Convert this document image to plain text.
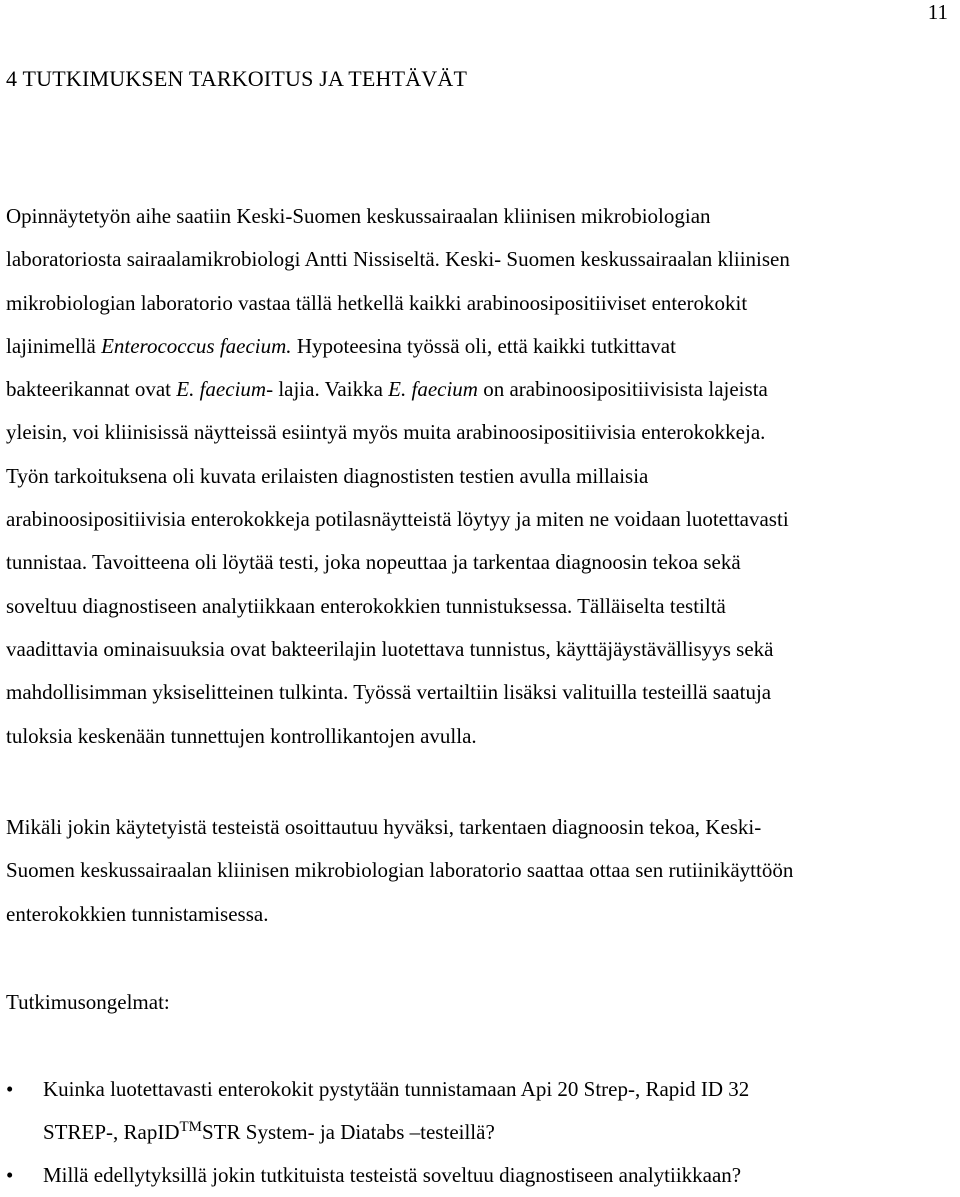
11
4 TUTKIMUKSEN TARKOITUS JA TEHTÄVÄT

Opinnäytetyön aihe saatiin Keski-Suomen keskussairaalan kliinisen mikrobiologian
laboratoriosta sairaalamikrobiologi Antti Nissiseltä. Keski- Suomen keskussairaalan kliinisen
mikrobiologian laboratorio vastaa tällä hetkellä kaikki arabinoosipositiiviset enterokokit
lajinimellä Enterococcus faecium. Hypoteesina työssä oli, että kaikki tutkittavat
bakteerikannat ovat E. faecium- lajia. Vaikka E. faecium on arabinoosipositiivisista lajeista
yleisin, voi kliinisissä näytteissä esiintyä myös muita arabinoosipositiivisia enterokokkeja.
Työn tarkoituksena oli kuvata erilaisten diagnostisten testien avulla millaisia
arabinoosipositiivisia enterokokkeja potilasnäytteistä löytyy ja miten ne voidaan luotettavasti
tunnistaa. Tavoitteena oli löytää testi, joka nopeuttaa ja tarkentaa diagnoosin tekoa sekä
soveltuu diagnostiseen analytiikkaan enterokokkien tunnistuksessa. Tälläiselta testiltä
vaadittavia ominaisuuksia ovat bakteerilajin luotettava tunnistus, käyttäjäystävällisyys sekä
mahdollisimman yksiselitteinen tulkinta. Työssä vertailtiin lisäksi valituilla testeillä saatuja
tuloksia keskenään tunnettujen kontrollikantojen avulla.

Mikäli jokin käytetyistä testeistä osoittautuu hyväksi, tarkentaen diagnoosin tekoa, Keski-
Suomen keskussairaalan kliinisen mikrobiologian laboratorio saattaa ottaa sen rutiinikäyttöön
enterokokkien tunnistamisessa.

Tutkimusongelmat:

•	Kuinka luotettavasti enterokokit pystytään tunnistamaan Api 20 Strep-, Rapid ID 32
STREP-, RapID™STR System- ja Diatabs –testeillä?
•	Millä edellytyksillä jokin tutkituista testeistä soveltuu diagnostiseen analytiikkaan?
